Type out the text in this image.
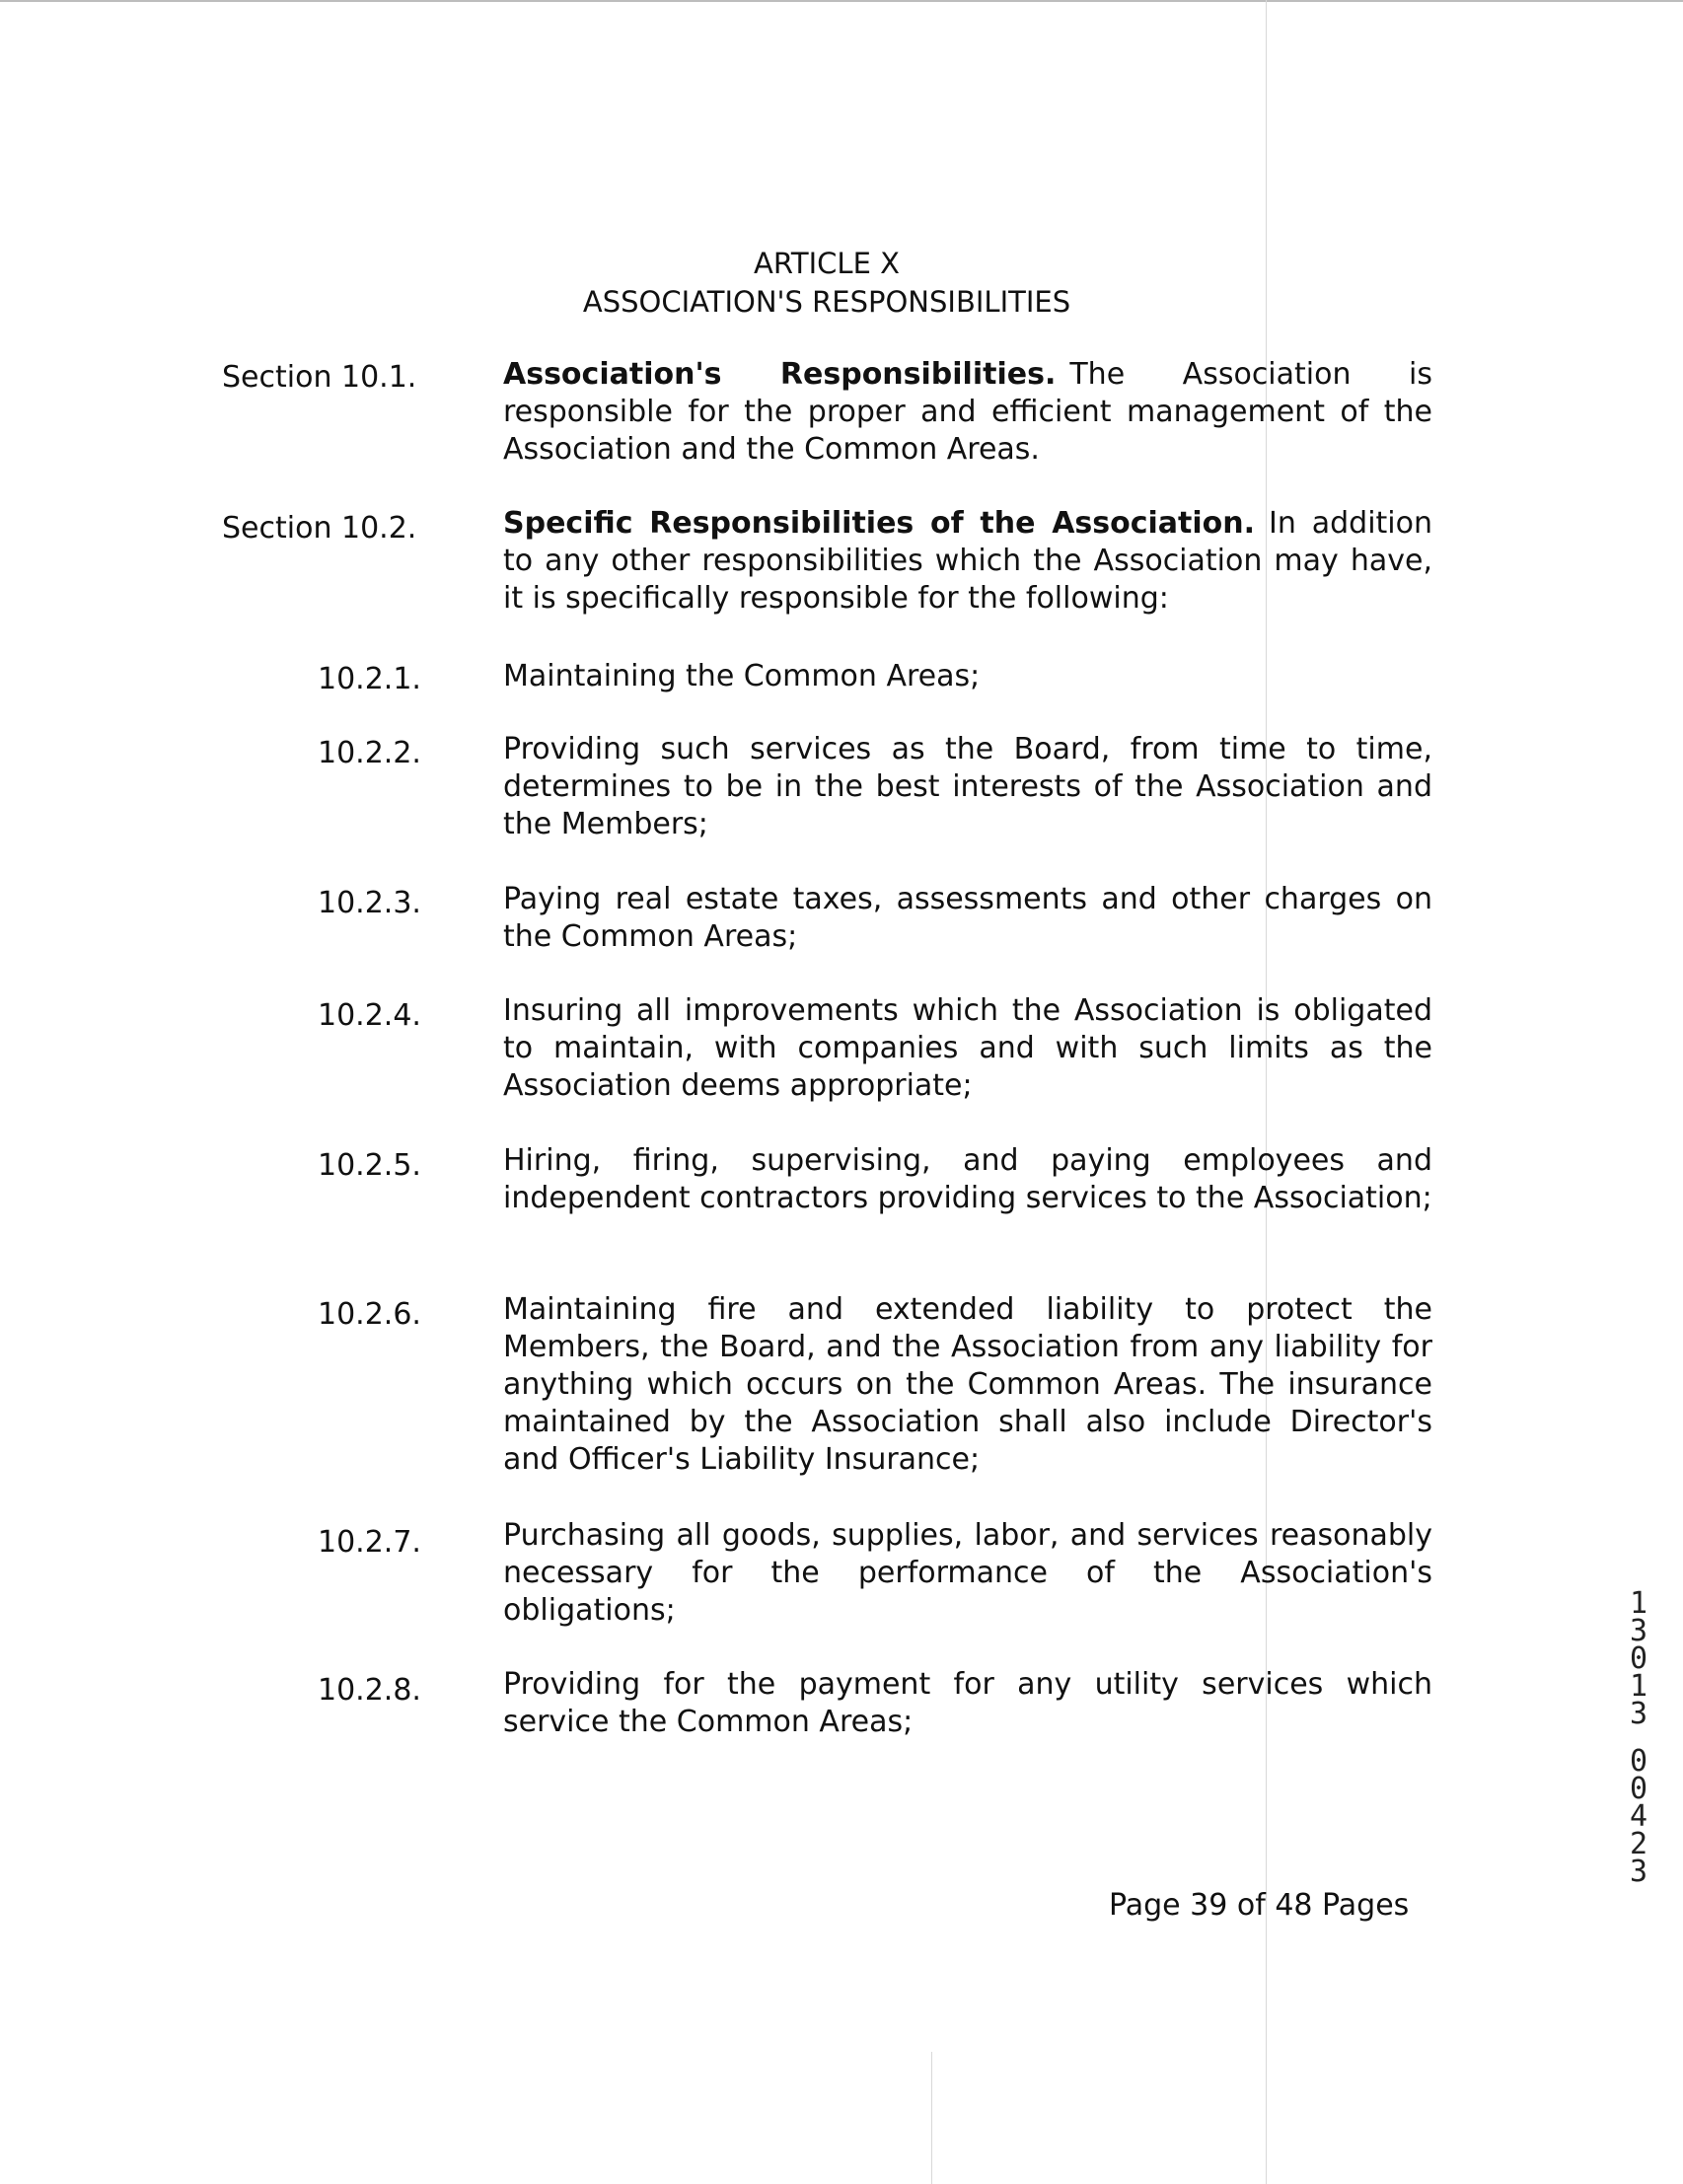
ARTICLE X
ASSOCIATION'S RESPONSIBILITIES
Section 10.1.	Association's Responsibilities. The Association is responsible for the proper and efficient management of the Association and the Common Areas.
Section 10.2.	Specific Responsibilities of the Association. In addition to any other responsibilities which the Association may have, it is specifically responsible for the following:
10.2.1.	Maintaining the Common Areas;
10.2.2.	Providing such services as the Board, from time to time, determines to be in the best interests of the Association and the Members;
10.2.3.	Paying real estate taxes, assessments and other charges on the Common Areas;
10.2.4.	Insuring all improvements which the Association is obligated to maintain, with companies and with such limits as the Association deems appropriate;
10.2.5.	Hiring, firing, supervising, and paying employees and independent contractors providing services to the Association;
10.2.6.	Maintaining fire and extended liability to protect the Members, the Board, and the Association from any liability for anything which occurs on the Common Areas. The insurance maintained by the Association shall also include Director's and Officer's Liability Insurance;
10.2.7.	Purchasing all goods, supplies, labor, and services reasonably necessary for the performance of the Association's obligations;
10.2.8.	Providing for the payment for any utility services which service the Common Areas;
Page 39 of 48 Pages
1
3
0
1
3
0
0
4
2
3
